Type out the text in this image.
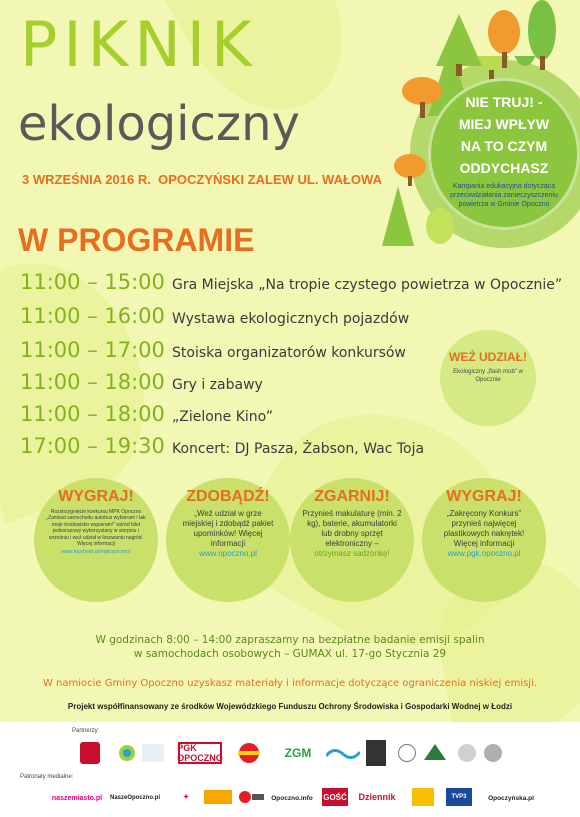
PIKNIK
ekologiczny
3 WRZEŚNIA 2016 R. OPOCZYŃSKI ZALEW UL. WAŁOWA
NIE TRUJ! -
MIEJ WPŁYW
NA TO CZYM
ODDYCHASZ
Kampania edukacyjna dotycząca przeciwdziałania zanieczyszczeniu powietrza w Gminie Opoczno
W PROGRAMIE
11:00 – 15:00 Gra Miejska „Na tropie czystego powietrza w Opocznie”
11:00 – 16:00 Wystawa ekologicznych pojazdów
11:00 – 17:00 Stoiska organizatorów konkursów
11:00 – 18:00 Gry i zabawy
11:00 – 18:00 „Zielone Kino”
17:00 – 19:30 Koncert: DJ Pasza, Żabson, Wac Toja
WEŹ UDZIAŁ!
Ekologiczny „flash mob” w Opocznie
WYGRAJ!
Rozstrzygnięcie konkursu MPK Opoczno „Zamiast samochodu autobus wybieram i tak moje środowisko wspieram!” wśród bilet jednorazowy wykorzystany w sierpniu i wrześniu i weź udział w losowaniu nagród. Więcej informacji
www.facebook.pl/mpkopoczno/
ZDOBĄDŹ!
„Weź udział w grze miejskiej i zdobądź pakiet upominków! Więcej informacji
www.opoczno.pl
ZGARNIJ!
Przynieś makulaturę (min. 2 kg), baterie, akumulatorki lub drobny sprzęt elektroniczny –
otrzymasz sadzonkę!
WYGRAJ!
„Zakręcony Konkurs” przynieś najwięcej plastikowych nakrętek! Więcej informacji
www.pgk.opoczno.pl
W godzinach 8:00 – 14:00 zapraszamy na bezpłatne badanie emisji spalin
w samochodach osobowych – GUMAX ul. 17-go Stycznia 29
W namiocie Gminy Opoczno uzyskasz materiały i informacje dotyczące ograniczenia niskiej emisji.
Projekt współfinansowany ze środków Wojewódzkiego Funduszu Ochrony Środowiska i Gospodarki Wodnej w Łodzi
Partnerzy:
PGK OPOCZNO	ZGM
Patronaty medialne:
naszemiasto.pl NaszeOpoczno.pl	✦	Opoczno.info GOŚĆ Dziennik	TVP3	Opoczyńska.pl
